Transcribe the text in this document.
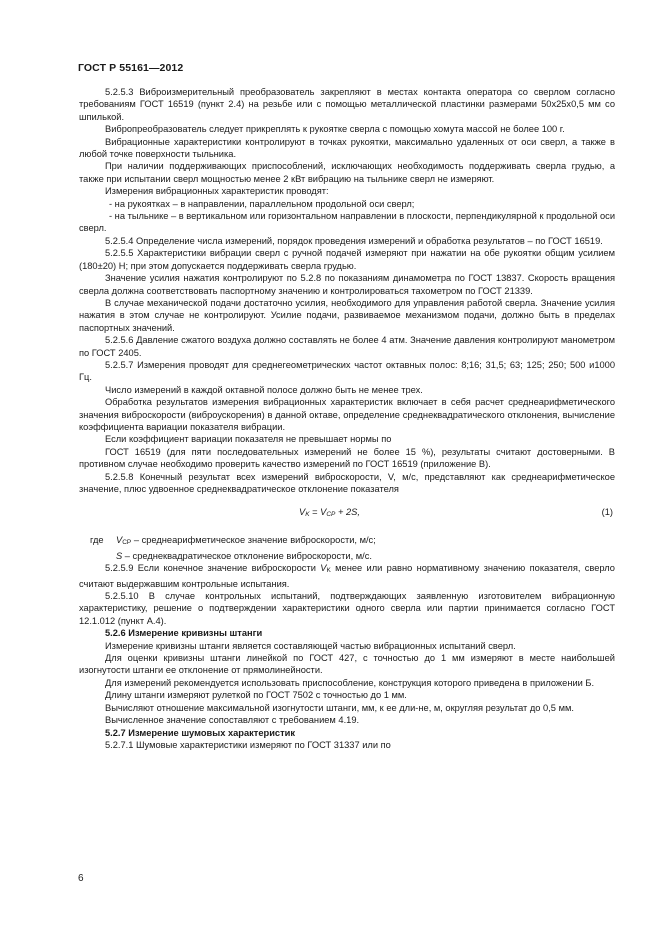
ГОСТ Р 55161—2012

5.2.5.3 Виброизмерительный преобразователь закрепляют в местах контакта оператора со сверлом согласно требованиям ГОСТ 16519 (пункт 2.4) на резьбе или с помощью металлической пластинки размерами 50x25x0,5 мм со шпилькой.

Вибропреобразователь следует прикреплять к рукоятке сверла с помощью хомута массой не более 100 г.

Вибрационные характеристики контролируют в точках рукоятки, максимально удаленных от оси сверл, а также в любой точке поверхности тыльника.

При наличии поддерживающих приспособлений, исключающих необходимость поддерживать сверла грудью, а также при испытании сверл мощностью менее 2 кВт вибрацию на тыльнике сверл не измеряют.

Измерения вибрационных характеристик проводят:

- на рукоятках – в направлении, параллельном продольной оси сверл;

- на тыльнике – в вертикальном или горизонтальном направлении в плоскости, перпендикулярной к продольной оси сверл.

5.2.5.4 Определение числа измерений, порядок проведения измерений и обработка результатов – по ГОСТ 16519.

5.2.5.5 Характеристики вибрации сверл с ручной подачей измеряют при нажатии на обе рукоятки общим усилием (180±20) Н; при этом допускается поддерживать сверла грудью.

Значение усилия нажатия контролируют по 5.2.8 по показаниям динамометра по ГОСТ 13837. Скорость вращения сверла должна соответствовать паспортному значению и контролироваться тахометром по ГОСТ 21339.

В случае механической подачи достаточно усилия, необходимого для управления работой сверла. Значение усилия нажатия в этом случае не контролируют. Усилие подачи, развиваемое механизмом подачи, должно быть в пределах паспортных значений.

5.2.5.6 Давление сжатого воздуха должно составлять не более 4 атм. Значение давления контролируют манометром по ГОСТ 2405.

5.2.5.7 Измерения проводят для среднегеометрических частот октавных полос: 8;16; 31,5; 63; 125; 250; 500 и1000 Гц.

Число измерений в каждой октавной полосе должно быть не менее трех.

Обработка результатов измерения вибрационных характеристик включает в себя расчет среднеарифметического значения виброскорости (виброускорения) в данной октаве, определение среднеквадратического отклонения, вычисление коэффициента вариации показателя вибрации.

Если коэффициент вариации показателя не превышает нормы по

ГОСТ 16519 (для пяти последовательных измерений не более 15 %), результаты считают достоверными. В противном случае необходимо проверить качество измерений по ГОСТ 16519 (приложение В).

5.2.5.8 Конечный результат всех измерений виброскорости, V, м/с, представляют как среднеарифметическое значение, плюс удвоенное среднеквадратическое отклонение показателя

$V_K = V_{CP} + 2S$,	(1)

где $V_{CP}$ – среднеарифметическое значение виброскорости, м/с;

S – среднеквадратическое отклонение виброскорости, м/с.

5.2.5.9 Если конечное значение виброскорости $V_K$ менее или равно нормативному значению показателя, сверло считают выдержавшим контрольные испытания.

5.2.5.10 В случае контрольных испытаний, подтверждающих заявленную изготовителем вибрационную характеристику, решение о подтверждении характеристики одного сверла или партии принимается согласно ГОСТ 12.1.012 (пункт А.4).

5.2.6 Измерение кривизны штанги

Измерение кривизны штанги является составляющей частью вибрационных испытаний сверл.

Для оценки кривизны штанги линейкой по ГОСТ 427, с точностью до 1 мм измеряют в месте наибольшей изогнутости штанги ее отклонение от прямолинейности.

Для измерений рекомендуется использовать приспособление, конструкция которого приведена в приложении Б.

Длину штанги измеряют рулеткой по ГОСТ 7502 с точностью до 1 мм.

Вычисляют отношение максимальной изогнутости штанги, мм, к ее дли-не, м, округляя результат до 0,5 мм.

Вычисленное значение сопоставляют с требованием 4.19.

5.2.7 Измерение шумовых характеристик

5.2.7.1 Шумовые характеристики измеряют по ГОСТ 31337 или по

6
